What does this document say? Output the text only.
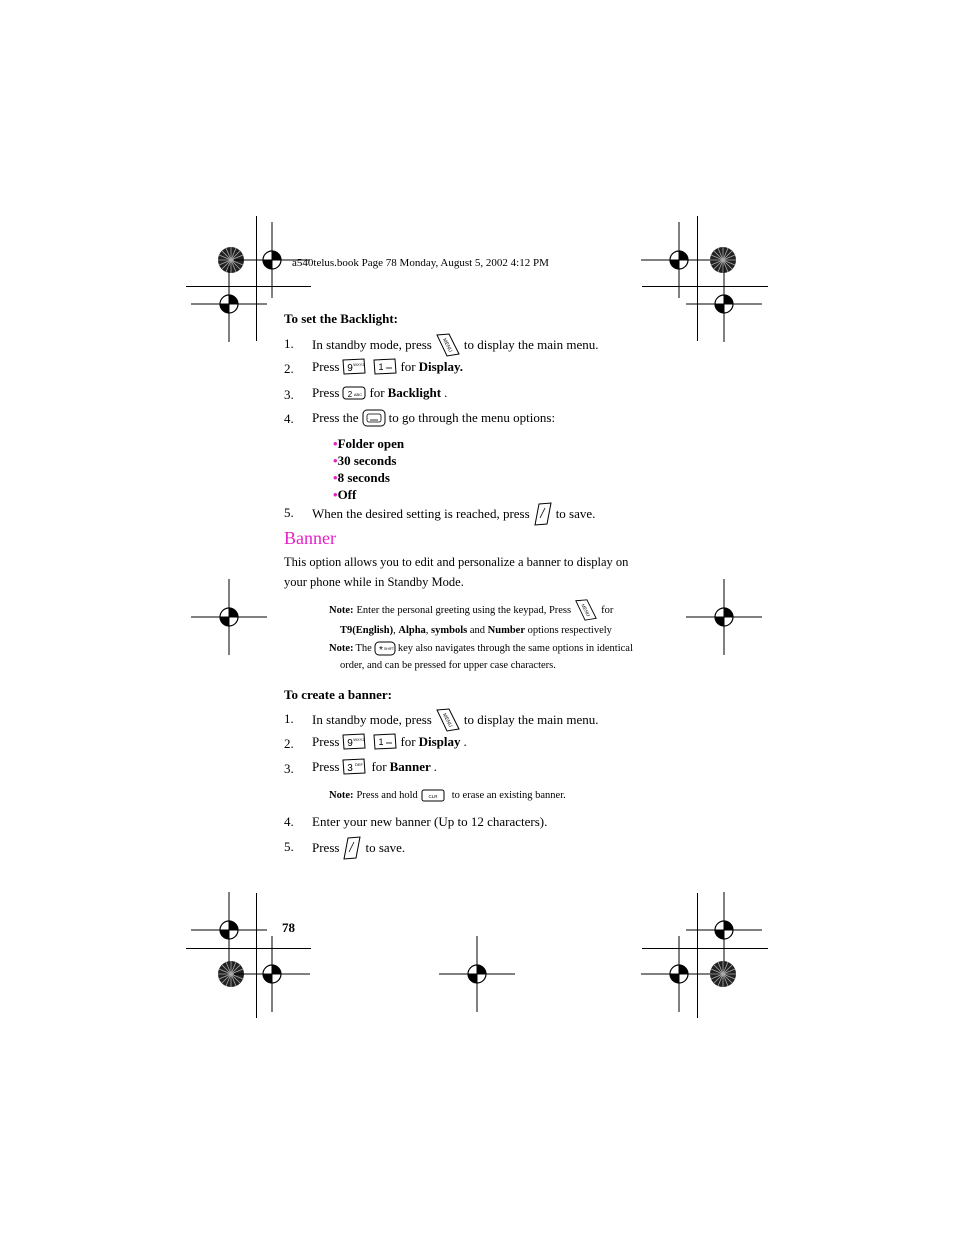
a540telus.book Page 78 Monday, August 5, 2002 4:12 PM
To set the Backlight:
1. In standby mode, press MENU to display the main menu.
2. Press 9 WXYZ 1 for Display.
3. Press 2 ABC for Backlight .
4. Press the to go through the menu options:
•Folder open
•30 seconds
•8 seconds
•Off
5. When the desired setting is reached, press to save.
Banner
This option allows you to edit and personalize a banner to display on your phone while in Standby Mode.
Note: Enter the personal greeting using the keypad, Press MENU for
T9(English), Alpha, symbols and Number options respectively
Note: The * SHIFT key also navigates through the same options in identical
order, and can be pressed for upper case characters.
To create a banner:
1. In standby mode, press MENU to display the main menu.
2. Press 9 WXYZ 1 for Display .
3. Press 3 DEF for Banner .
Note: Press and hold CLR to erase an existing banner.
4. Enter your new banner (Up to 12 characters).
5. Press to save.
78
